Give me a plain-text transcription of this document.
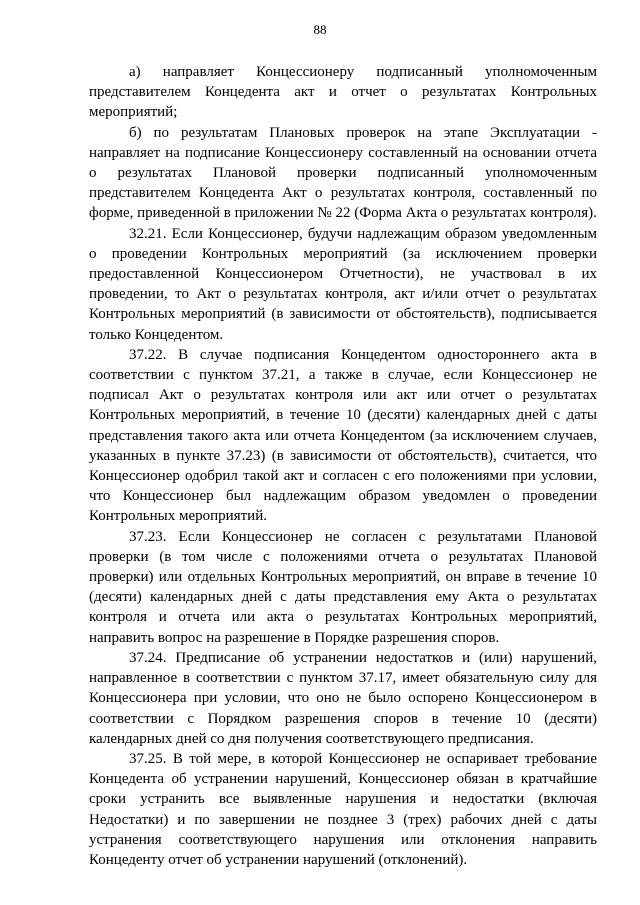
88

а) направляет Концессионеру подписанный уполномоченным представителем Концедента акт и отчет о результатах Контрольных мероприятий;

б) по результатам Плановых проверок на этапе Эксплуатации - направляет на подписание Концессионеру составленный на основании отчета о результатах Плановой проверки подписанный уполномоченным представителем Концедента Акт о результатах контроля, составленный по форме, приведенной в приложении № 22 (Форма Акта о результатах контроля).

32.21. Если Концессионер, будучи надлежащим образом уведомленным о проведении Контрольных мероприятий (за исключением проверки предоставленной Концессионером Отчетности), не участвовал в их проведении, то Акт о результатах контроля, акт и/или отчет о результатах Контрольных мероприятий (в зависимости от обстоятельств), подписывается только Концедентом.

37.22. В случае подписания Концедентом одностороннего акта в соответствии с пунктом 37.21, а также в случае, если Концессионер не подписал Акт о результатах контроля или акт или отчет о результатах Контрольных мероприятий, в течение 10 (десяти) календарных дней с даты представления такого акта или отчета Концедентом (за исключением случаев, указанных в пункте 37.23) (в зависимости от обстоятельств), считается, что Концессионер одобрил такой акт и согласен с его положениями при условии, что Концессионер был надлежащим образом уведомлен о проведении Контрольных мероприятий.

37.23. Если Концессионер не согласен с результатами Плановой проверки (в том числе с положениями отчета о результатах Плановой проверки) или отдельных Контрольных мероприятий, он вправе в течение 10 (десяти) календарных дней с даты представления ему Акта о результатах контроля и отчета или акта о результатах Контрольных мероприятий, направить вопрос на разрешение в Порядке разрешения споров.

37.24. Предписание об устранении недостатков и (или) нарушений, направленное в соответствии с пунктом 37.17, имеет обязательную силу для Концессионера при условии, что оно не было оспорено Концессионером в соответствии с Порядком разрешения споров в течение 10 (десяти) календарных дней со дня получения соответствующего предписания.

37.25. В той мере, в которой Концессионер не оспаривает требование Концедента об устранении нарушений, Концессионер обязан в кратчайшие сроки устранить все выявленные нарушения и недостатки (включая Недостатки) и по завершении не позднее 3 (трех) рабочих дней с даты устранения соответствующего нарушения или отклонения направить Концеденту отчет об устранении нарушений (отклонений).
